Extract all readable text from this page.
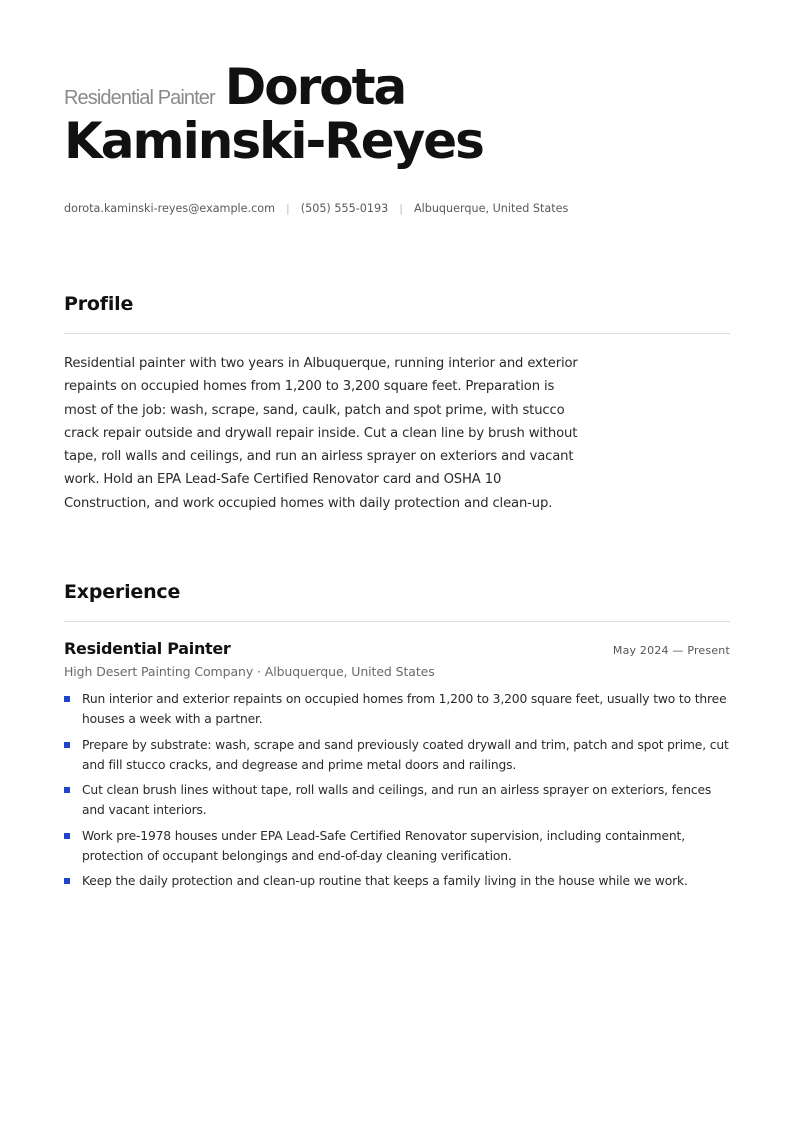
Residential Painter Dorota
Kaminski-Reyes
dorota.kaminski-reyes@example.com | (505) 555-0193 | Albuquerque, United States
Profile
Residential painter with two years in Albuquerque, running interior and exterior repaints on occupied homes from 1,200 to 3,200 square feet. Preparation is most of the job: wash, scrape, sand, caulk, patch and spot prime, with stucco crack repair outside and drywall repair inside. Cut a clean line by brush without tape, roll walls and ceilings, and run an airless sprayer on exteriors and vacant work. Hold an EPA Lead-Safe Certified Renovator card and OSHA 10 Construction, and work occupied homes with daily protection and clean-up.
Experience
Residential Painter	May 2024 — Present
High Desert Painting Company · Albuquerque, United States
Run interior and exterior repaints on occupied homes from 1,200 to 3,200 square feet, usually two to three houses a week with a partner.
Prepare by substrate: wash, scrape and sand previously coated drywall and trim, patch and spot prime, cut and fill stucco cracks, and degrease and prime metal doors and railings.
Cut clean brush lines without tape, roll walls and ceilings, and run an airless sprayer on exteriors, fences and vacant interiors.
Work pre-1978 houses under EPA Lead-Safe Certified Renovator supervision, including containment, protection of occupant belongings and end-of-day cleaning verification.
Keep the daily protection and clean-up routine that keeps a family living in the house while we work.
